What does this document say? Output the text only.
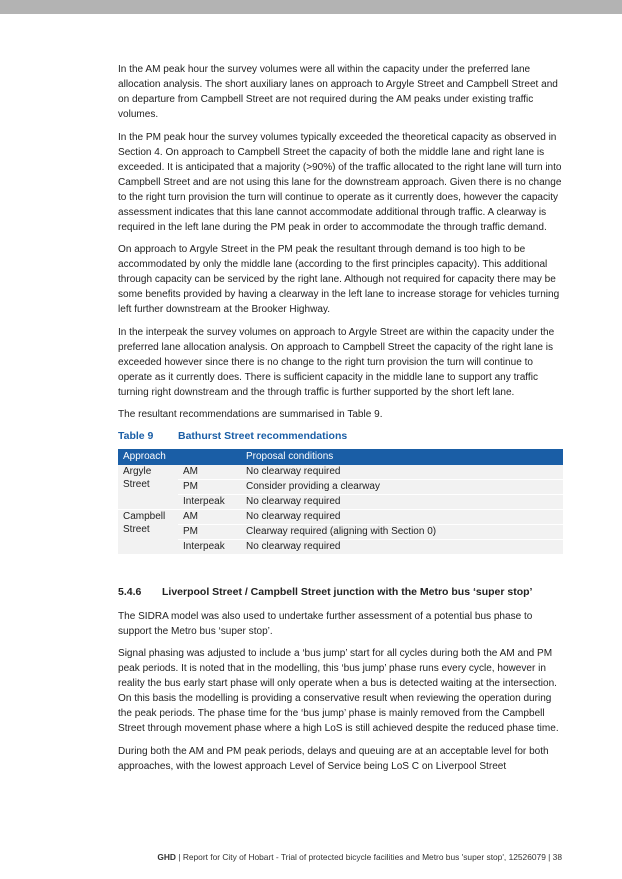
In the AM peak hour the survey volumes were all within the capacity under the preferred lane allocation analysis. The short auxiliary lanes on approach to Argyle Street and Campbell Street and on departure from Campbell Street are not required during the AM peaks under existing traffic volumes.

In the PM peak hour the survey volumes typically exceeded the theoretical capacity as observed in Section 4. On approach to Campbell Street the capacity of both the middle lane and right lane is exceeded. It is anticipated that a majority (>90%) of the traffic allocated to the right lane will turn into Campbell Street and are not using this lane for the downstream approach. Given there is no change to the right turn provision the turn will continue to operate as it currently does, however the capacity assessment indicates that this lane cannot accommodate additional through traffic. A clearway is required in the left lane during the PM peak in order to accommodate the through traffic demand.

On approach to Argyle Street in the PM peak the resultant through demand is too high to be accommodated by only the middle lane (according to the first principles capacity). This additional through capacity can be serviced by the right lane. Although not required for capacity there may be some benefits provided by having a clearway in the left lane to increase storage for vehicles turning left further downstream at the Brooker Highway.

In the interpeak the survey volumes on approach to Argyle Street are within the capacity under the preferred lane allocation analysis. On approach to Campbell Street the capacity of the right lane is exceeded however since there is no change to the right turn provision the turn will continue to operate as it currently does. There is sufficient capacity in the middle lane to support any traffic turning right downstream and the through traffic is further supported by the short left lane.

The resultant recommendations are summarised in Table 9.

Table 9 Bathurst Street recommendations
Approach		Proposal conditions
Argyle Street	AM	No clearway required
	PM	Consider providing a clearway
	Interpeak	No clearway required
Campbell Street	AM	No clearway required
	PM	Clearway required (aligning with Section 0)
	Interpeak	No clearway required
5.4.6	Liverpool Street / Campbell Street junction with the Metro bus ‘super stop’

The SIDRA model was also used to undertake further assessment of a potential bus phase to support the Metro bus ‘super stop’.

Signal phasing was adjusted to include a ‘bus jump’ start for all cycles during both the AM and PM peak periods. It is noted that in the modelling, this ‘bus jump’ phase runs every cycle, however in reality the bus early start phase will only operate when a bus is detected waiting at the intersection. On this basis the modelling is providing a conservative result when reviewing the operation during the peak periods. The phase time for the ‘bus jump’ phase is mainly removed from the Campbell Street through movement phase where a high LoS is still achieved despite the reduced phase time.

During both the AM and PM peak periods, delays and queuing are at an acceptable level for both approaches, with the lowest approach Level of Service being LoS C on Liverpool Street

GHD | Report for City of Hobart - Trial of protected bicycle facilities and Metro bus 'super stop', 12526079 | 38
